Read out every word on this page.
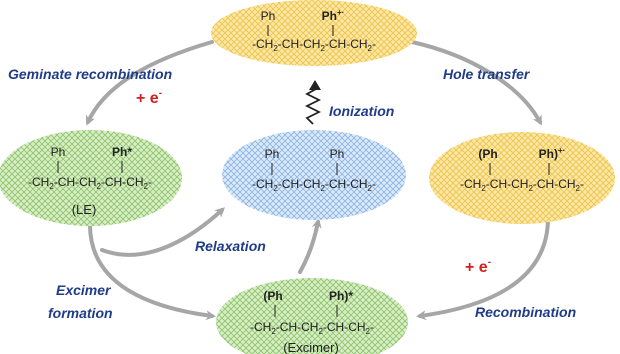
Ph	Ph+·
$-CH_2-CH-CH_2-CH-CH_2-$
Ph	Ph*
$-CH_2-CH-CH_2-CH-CH_2-$
(LE)
Ph	Ph
$-CH_2-CH-CH_2-CH-CH_2-$
(Ph	Ph)+·
$-CH_2-CH-CH_2-CH-CH_2-$
(Ph	Ph)*
$-CH_2-CH-CH_2-CH-CH_2-$
(Excimer)
Geminate recombination	Hole transfer
Ionization
Relaxation
Excimer
formation	Recombination
+ e-
+ e-
